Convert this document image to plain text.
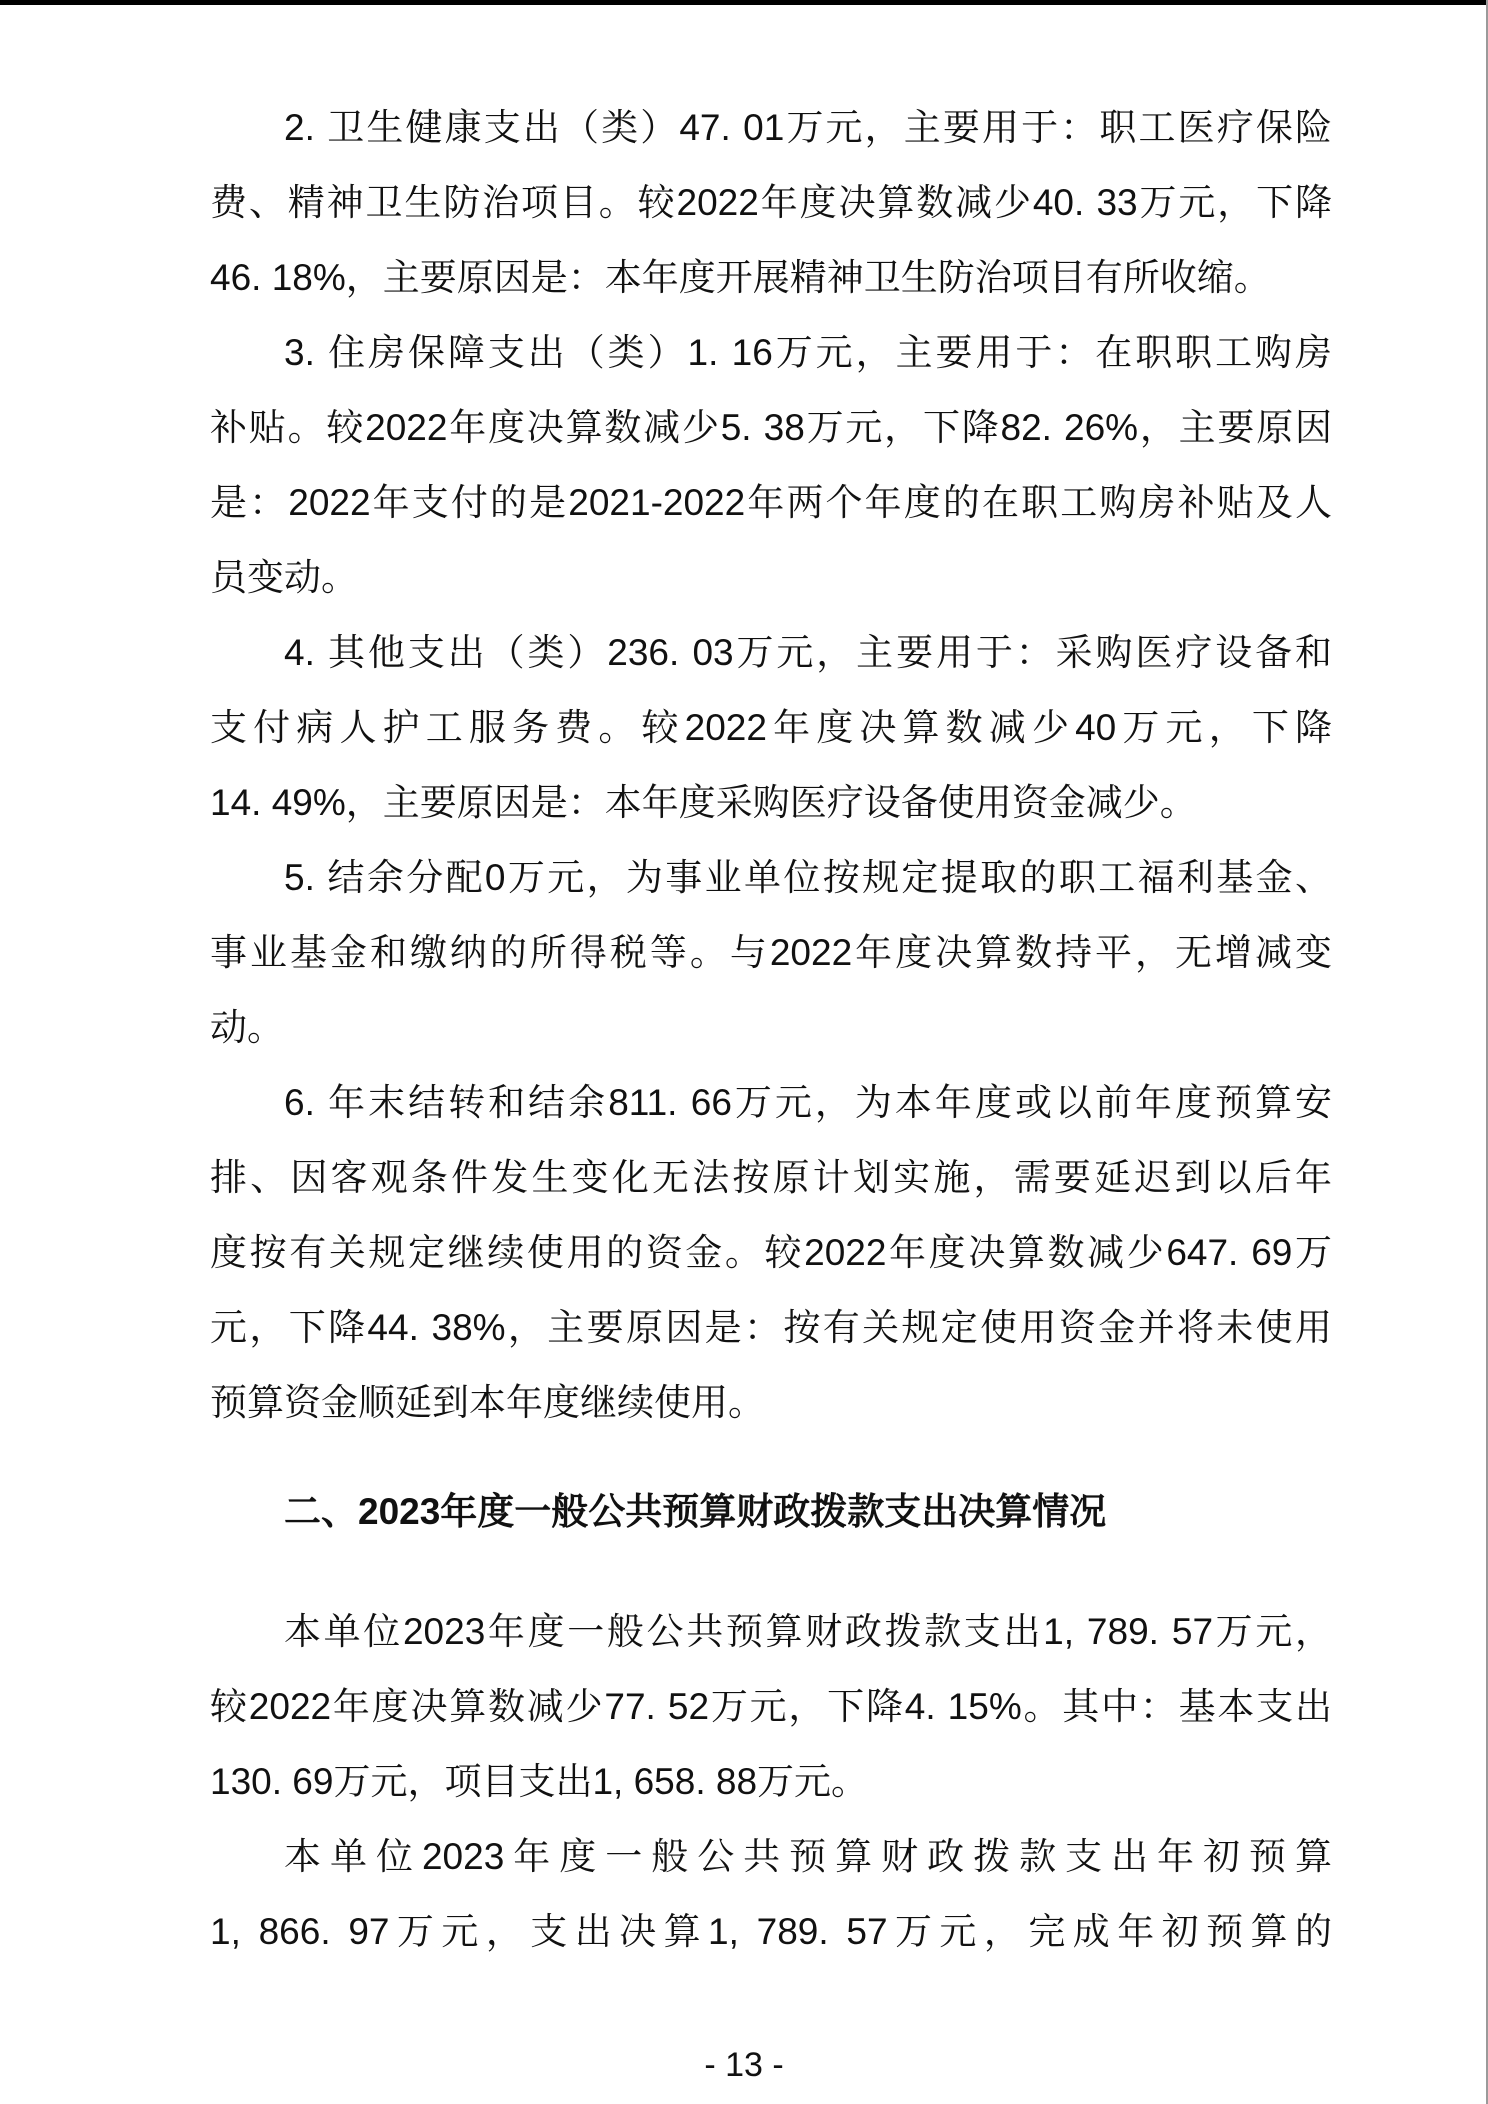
2. 卫生健康支出（类）47. 01万元，主要用于：职工医疗保险
费、精神卫生防治项目。较2022年度决算数减少40. 33万元，下降
46. 18%，主要原因是：本年度开展精神卫生防治项目有所收缩。
3. 住房保障支出（类）1. 16万元，主要用于：在职职工购房
补贴。较2022年度决算数减少5. 38万元，下降82. 26%，主要原因
是：2022年支付的是2021-2022年两个年度的在职工购房补贴及人
员变动。
4. 其他支出（类）236. 03万元，主要用于：采购医疗设备和
支付病人护工服务费。较2022年度决算数减少40万元，下降
14. 49%，主要原因是：本年度采购医疗设备使用资金减少。
5. 结余分配0万元，为事业单位按规定提取的职工福利基金、
事业基金和缴纳的所得税等。与2022年度决算数持平，无增减变
动。
6. 年末结转和结余811. 66万元，为本年度或以前年度预算安
排、因客观条件发生变化无法按原计划实施，需要延迟到以后年
度按有关规定继续使用的资金。较2022年度决算数减少647. 69万
元，下降44. 38%，主要原因是：按有关规定使用资金并将未使用
预算资金顺延到本年度继续使用。
二、2023年度一般公共预算财政拨款支出决算情况
本单位2023年度一般公共预算财政拨款支出1, 789. 57万元，
较2022年度决算数减少77. 52万元，下降4. 15%。其中：基本支出
130. 69万元，项目支出1, 658. 88万元。
本单位2023年度一般公共预算财政拨款支出年初预算
1, 866. 97万元，支出决算1, 789. 57万元，完成年初预算的
- 13 -
